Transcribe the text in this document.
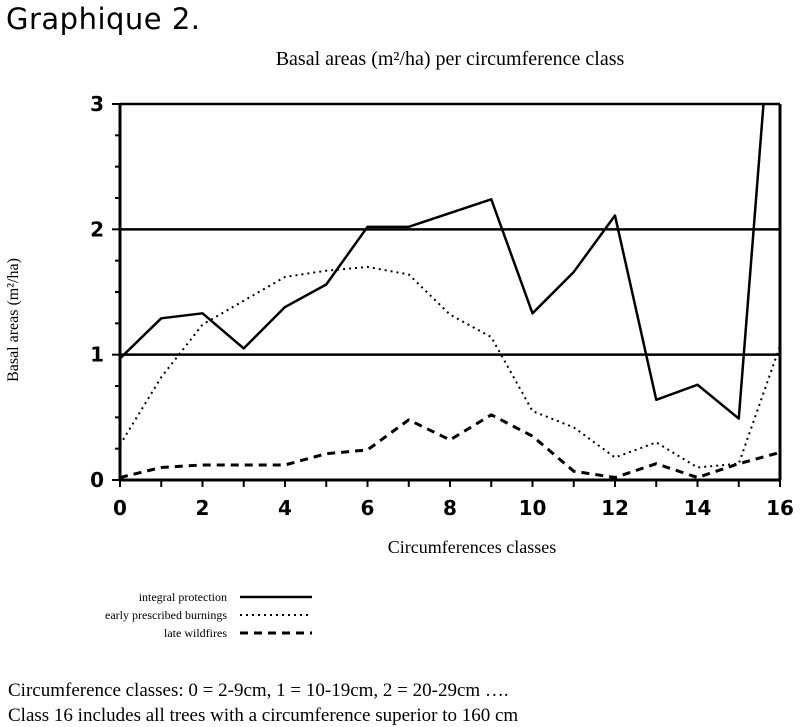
Graphique 2.
Basal areas (m²/ha) per circumference class
0	2	4	6	8	10	12	14	16
0
1
2
3
Circumferences classes
Basal areas (m²/ha)
integral protection
early prescribed burnings
late wildfires
Circumference classes: 0 = 2-9cm, 1 = 10-19cm, 2 = 20-29cm ….
Class 16 includes all trees with a circumference superior to 160 cm
